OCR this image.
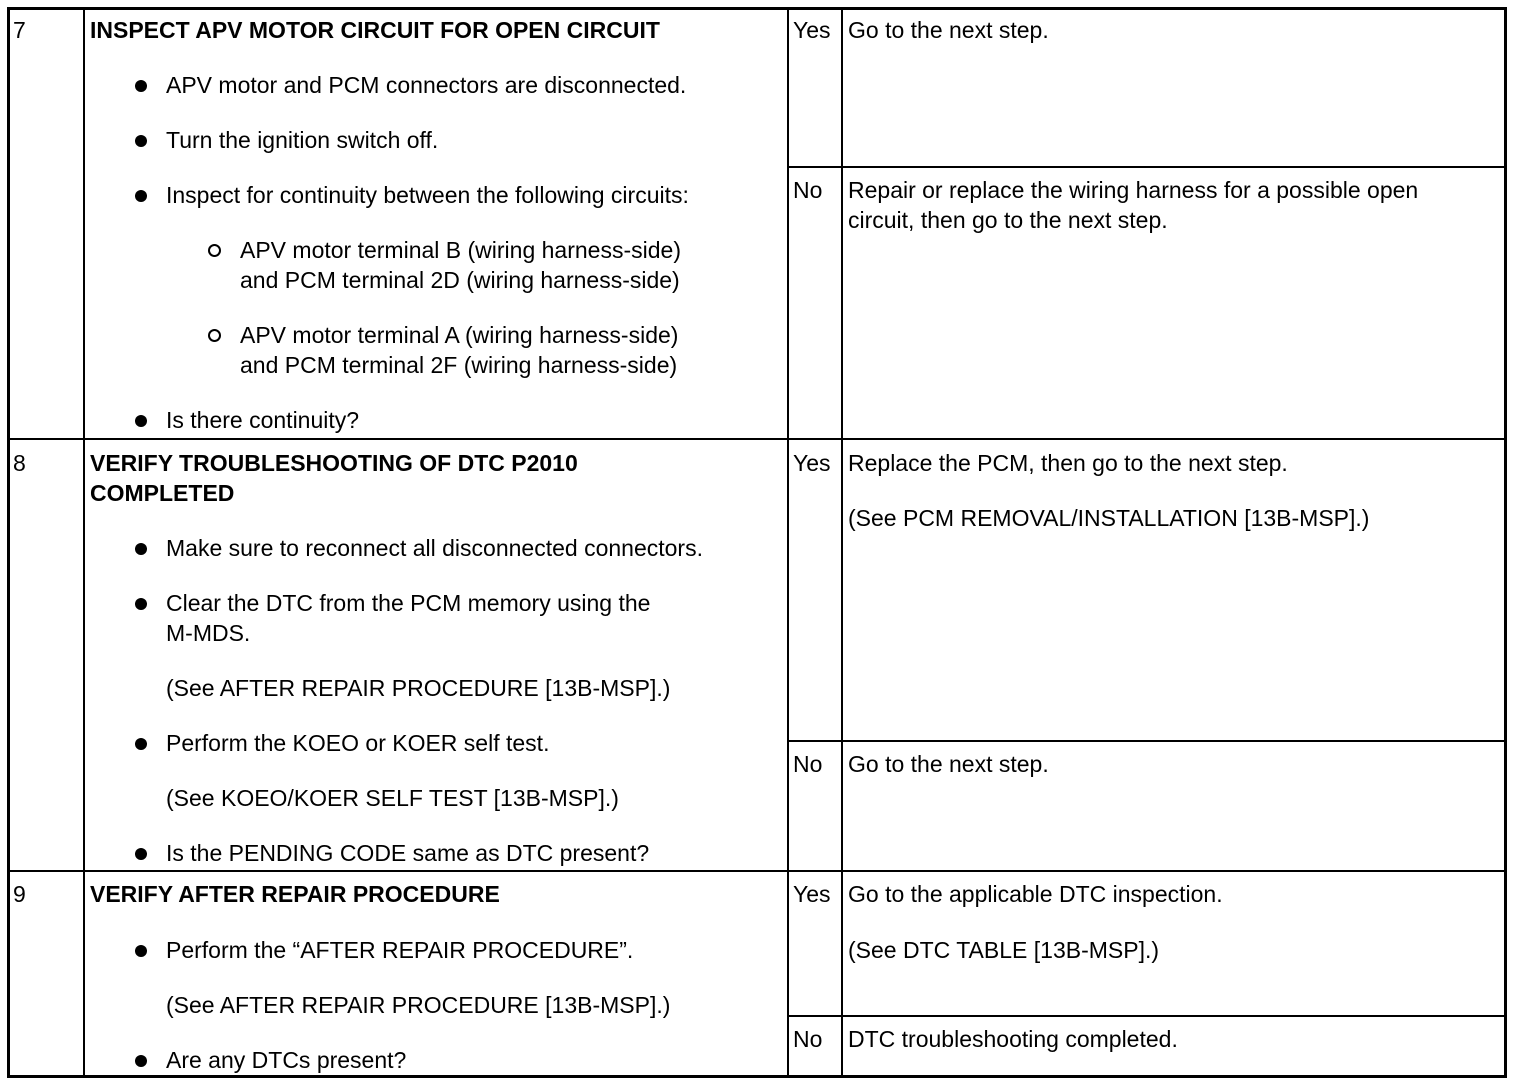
7	INSPECT APV MOTOR CIRCUIT FOR OPEN CIRCUIT
APV motor and PCM connectors are disconnected.
Turn the ignition switch off.
Inspect for continuity between the following circuits:
APV motor terminal B (wiring harness-side)
and PCM terminal 2D (wiring harness-side)
APV motor terminal A (wiring harness-side)
and PCM terminal 2F (wiring harness-side)
Is there continuity?
Yes Go to the next step.
No Repair or replace the wiring harness for a possible open
circuit, then go to the next step.
8	VERIFY TROUBLESHOOTING OF DTC P2010
COMPLETED
Make sure to reconnect all disconnected connectors.
Clear the DTC from the PCM memory using the
M-MDS.
(See AFTER REPAIR PROCEDURE [13B-MSP].)
Perform the KOEO or KOER self test.
(See KOEO/KOER SELF TEST [13B-MSP].)
Is the PENDING CODE same as DTC present?
Yes Replace the PCM, then go to the next step.
(See PCM REMOVAL/INSTALLATION [13B-MSP].)
No Go to the next step.
9	VERIFY AFTER REPAIR PROCEDURE
Perform the “AFTER REPAIR PROCEDURE”.
(See AFTER REPAIR PROCEDURE [13B-MSP].)
Are any DTCs present?
Yes Go to the applicable DTC inspection.
(See DTC TABLE [13B-MSP].)
No DTC troubleshooting completed.
